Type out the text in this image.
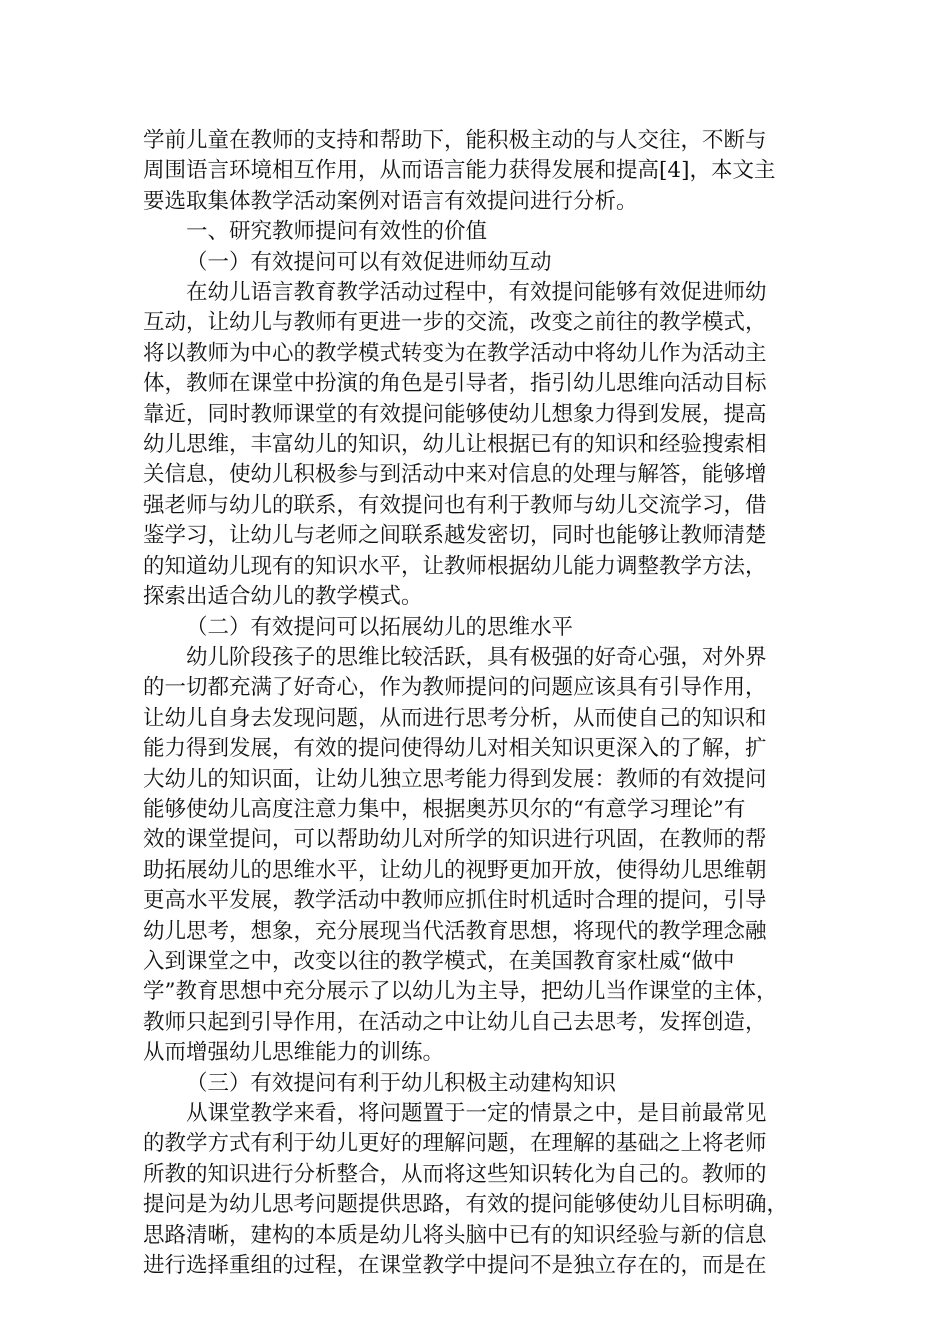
学前儿童在教师的支持和帮助下，能积极主动的与人交往，不断与
周围语言环境相互作用，从而语言能力获得发展和提高[4]，本文主
要选取集体教学活动案例对语言有效提问进行分析。

一、研究教师提问有效性的价值

（一）有效提问可以有效促进师幼互动

在幼儿语言教育教学活动过程中，有效提问能够有效促进师幼
互动，让幼儿与教师有更进一步的交流，改变之前往的教学模式，
将以教师为中心的教学模式转变为在教学活动中将幼儿作为活动主
体，教师在课堂中扮演的角色是引导者，指引幼儿思维向活动目标
靠近，同时教师课堂的有效提问能够使幼儿想象力得到发展，提高
幼儿思维，丰富幼儿的知识，幼儿让根据已有的知识和经验搜索相
关信息，使幼儿积极参与到活动中来对信息的处理与解答，能够增
强老师与幼儿的联系，有效提问也有利于教师与幼儿交流学习，借
鉴学习，让幼儿与老师之间联系越发密切，同时也能够让教师清楚
的知道幼儿现有的知识水平，让教师根据幼儿能力调整教学方法，
探索出适合幼儿的教学模式。

（二）有效提问可以拓展幼儿的思维水平

幼儿阶段孩子的思维比较活跃，具有极强的好奇心强，对外界
的一切都充满了好奇心，作为教师提问的问题应该具有引导作用，
让幼儿自身去发现问题，从而进行思考分析，从而使自己的知识和
能力得到发展，有效的提问使得幼儿对相关知识更深入的了解，扩
大幼儿的知识面，让幼儿独立思考能力得到发展：教师的有效提问
能够使幼儿高度注意力集中，根据奥苏贝尔的“有意学习理论”有
效的课堂提问，可以帮助幼儿对所学的知识进行巩固，在教师的帮
助拓展幼儿的思维水平，让幼儿的视野更加开放，使得幼儿思维朝
更高水平发展，教学活动中教师应抓住时机适时合理的提问，引导
幼儿思考，想象，充分展现当代活教育思想，将现代的教学理念融
入到课堂之中，改变以往的教学模式，在美国教育家杜威“做中
学”教育思想中充分展示了以幼儿为主导，把幼儿当作课堂的主体，
教师只起到引导作用，在活动之中让幼儿自己去思考，发挥创造，
从而增强幼儿思维能力的训练。

（三）有效提问有利于幼儿积极主动建构知识

从课堂教学来看，将问题置于一定的情景之中，是目前最常见
的教学方式有利于幼儿更好的理解问题，在理解的基础之上将老师
所教的知识进行分析整合，从而将这些知识转化为自己的。教师的
提问是为幼儿思考问题提供思路，有效的提问能够使幼儿目标明确，
思路清晰，建构的本质是幼儿将头脑中已有的知识经验与新的信息
进行选择重组的过程，在课堂教学中提问不是独立存在的，而是在
